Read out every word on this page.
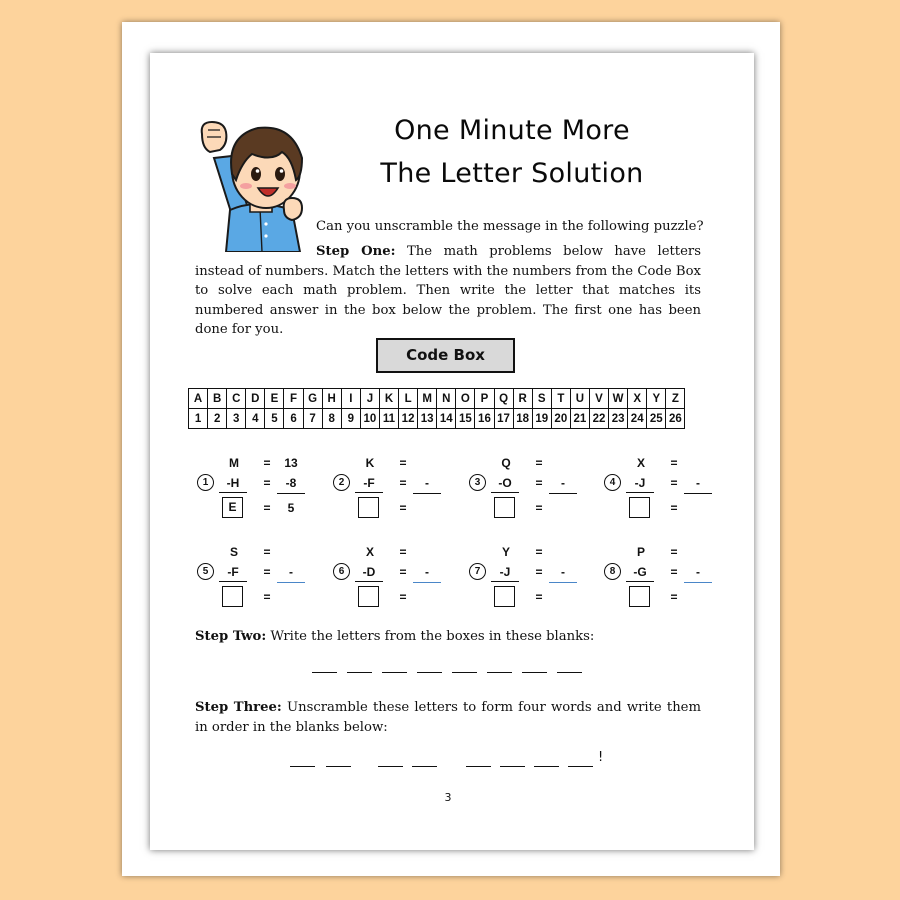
One Minute More
The Letter Solution
Can you unscramble the message in the following puzzle?
Step One: The math problems below have letters instead of numbers. Match the letters with the numbers from the Code Box to solve each math problem. Then write the letter that matches its numbered answer in the box below the problem. The first one has been done for you.
Code Box
A	B	C	D	E	F	G	H	I	J	K	L	M	N	O	P	Q	R	S	T	U	V	W	X	Y	Z
1	2	3	4	5	6	7	8	9	10	11	12	13	14	15	16	17	18	19	20	21	22	23	24	25	26
M =	13
1	-H	=	-8
E	=	5
K =
2	-F	=	-
=
Q =
3	-O	=	-
=
X =
4	-J	=	-
=
S =
5	-F	=	-
=
X =
6	-D	=	-
=
Y =
7	-J	=	-
=
P =
8	-G	=	-
=
Step Two: Write the letters from the boxes in these blanks:
Step Three: Unscramble these letters to form four words and write them in order in the blanks below:
!
3
